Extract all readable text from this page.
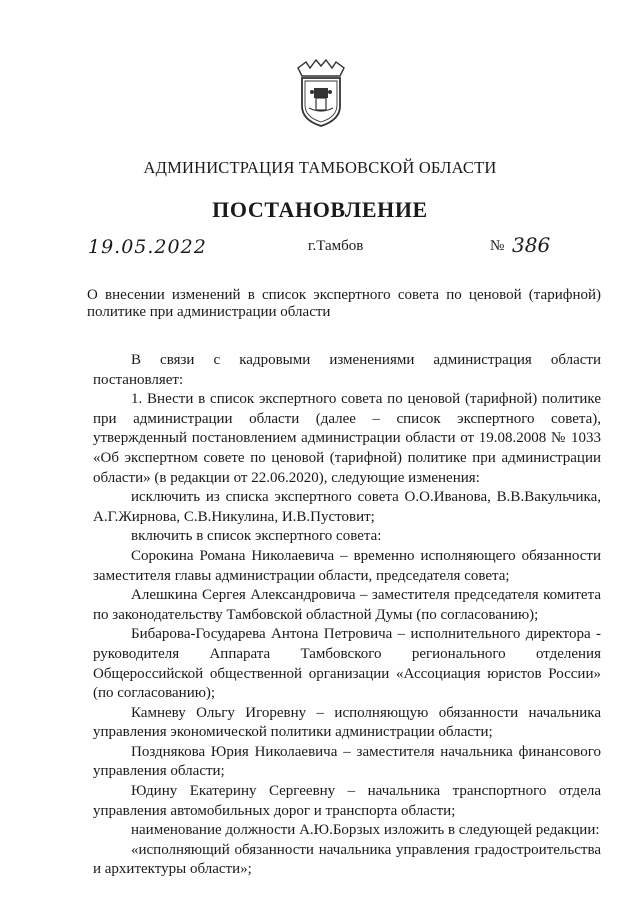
АДМИНИСТРАЦИЯ ТАМБОВСКОЙ ОБЛАСТИ
ПОСТАНОВЛЕНИЕ
19.05.2022	г.Тамбов	№ 386
О внесении изменений в список экспертного совета по ценовой (тарифной) политике при администрации области

В связи с кадровыми изменениями администрация области постановляет:

1. Внести в список экспертного совета по ценовой (тарифной) политике при администрации области (далее – список экспертного совета), утвержденный постановлением администрации области от 19.08.2008 № 1033 «Об экспертном совете по ценовой (тарифной) политике при администрации области» (в редакции от 22.06.2020), следующие изменения:

исключить из списка экспертного совета О.О.Иванова, В.В.Вакульчика, А.Г.Жирнова, С.В.Никулина, И.В.Пустовит;

включить в список экспертного совета:

Сорокина Романа Николаевича – временно исполняющего обязанности заместителя главы администрации области, председателя совета;

Алешкина Сергея Александровича – заместителя председателя комитета по законодательству Тамбовской областной Думы (по согласованию);

Бибарова-Государева Антона Петровича – исполнительного директора - руководителя Аппарата Тамбовского регионального отделения Общероссийской общественной организации «Ассоциация юристов России» (по согласованию);

Камневу Ольгу Игоревну – исполняющую обязанности начальника управления экономической политики администрации области;

Позднякова Юрия Николаевича – заместителя начальника финансового управления области;

Юдину Екатерину Сергеевну – начальника транспортного отдела управления автомобильных дорог и транспорта области;

наименование должности А.Ю.Борзых изложить в следующей редакции:

«исполняющий обязанности начальника управления градостроительства и архитектуры области»;
